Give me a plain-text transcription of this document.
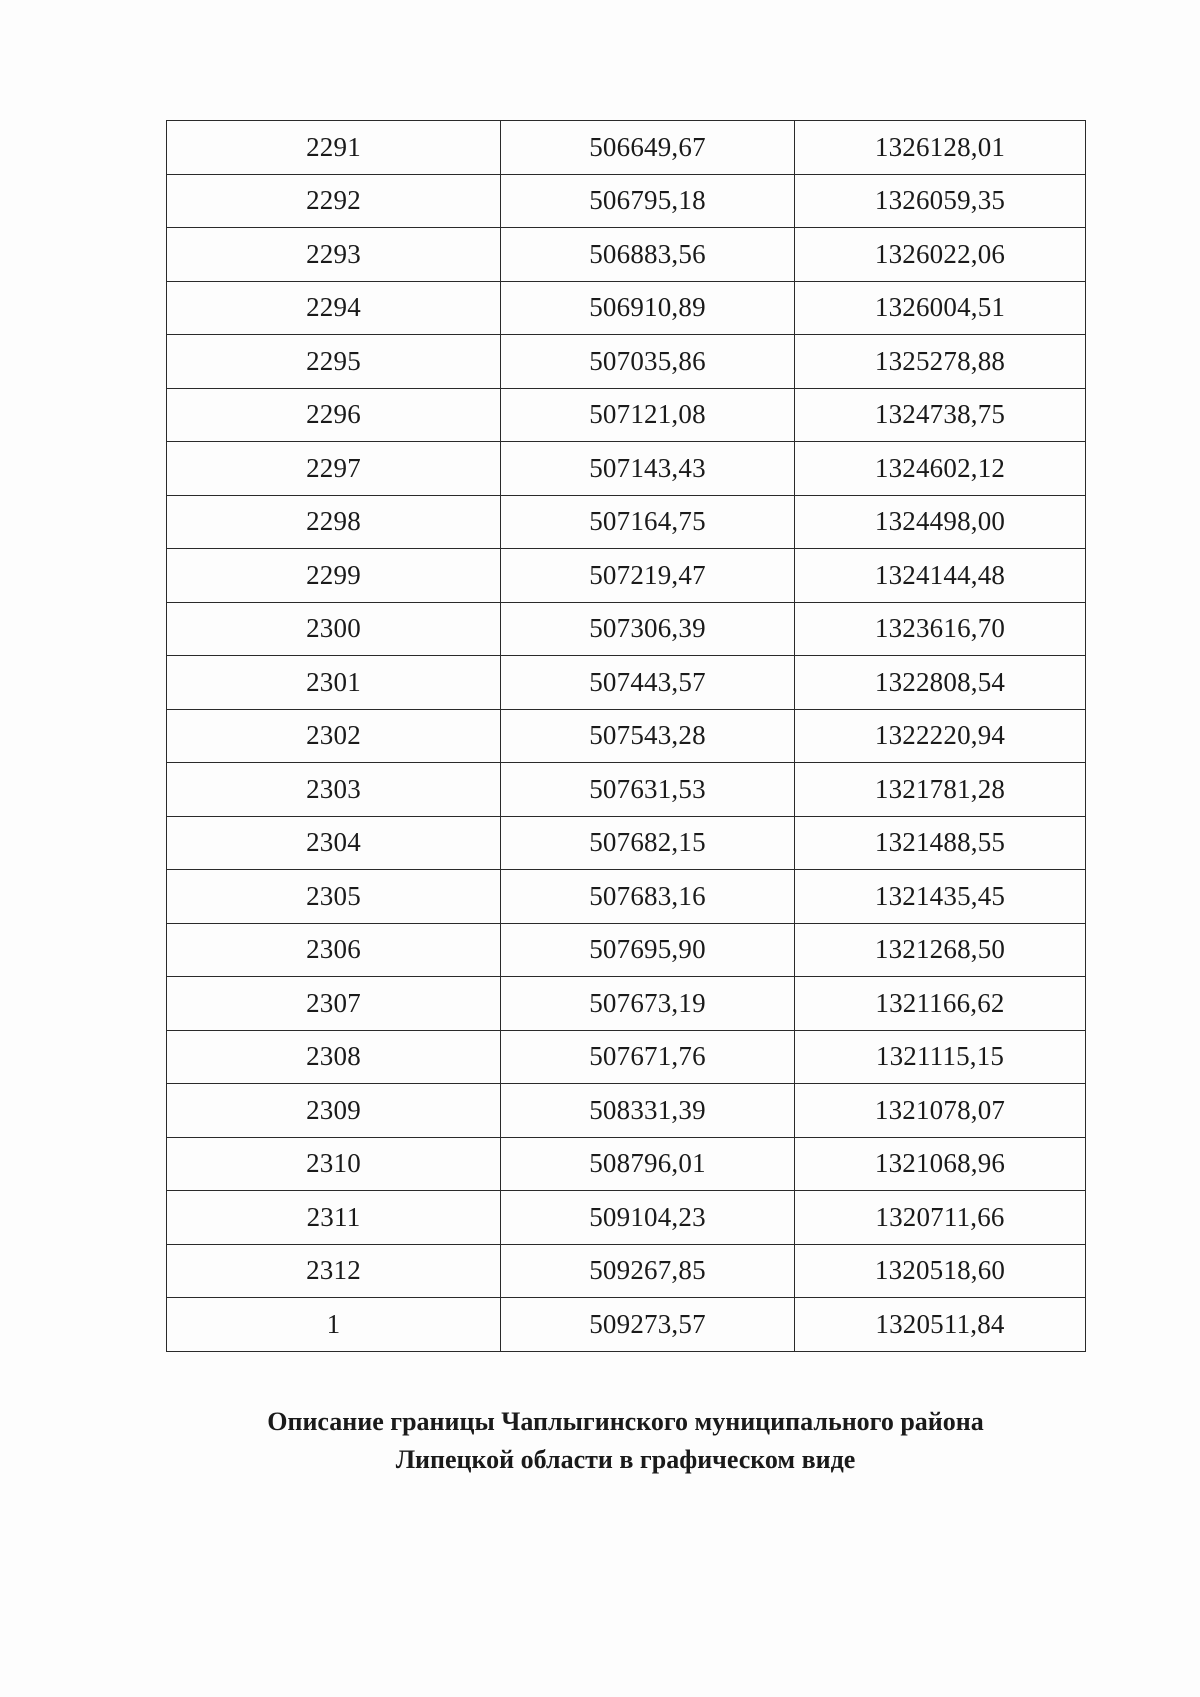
2291	506649,67	1326128,01
2292	506795,18	1326059,35
2293	506883,56	1326022,06
2294	506910,89	1326004,51
2295	507035,86	1325278,88
2296	507121,08	1324738,75
2297	507143,43	1324602,12
2298	507164,75	1324498,00
2299	507219,47	1324144,48
2300	507306,39	1323616,70
2301	507443,57	1322808,54
2302	507543,28	1322220,94
2303	507631,53	1321781,28
2304	507682,15	1321488,55
2305	507683,16	1321435,45
2306	507695,90	1321268,50
2307	507673,19	1321166,62
2308	507671,76	1321115,15
2309	508331,39	1321078,07
2310	508796,01	1321068,96
2311	509104,23	1320711,66
2312	509267,85	1320518,60
1	509273,57	1320511,84
Описание границы Чаплыгинского муниципального района
Липецкой области в графическом виде
